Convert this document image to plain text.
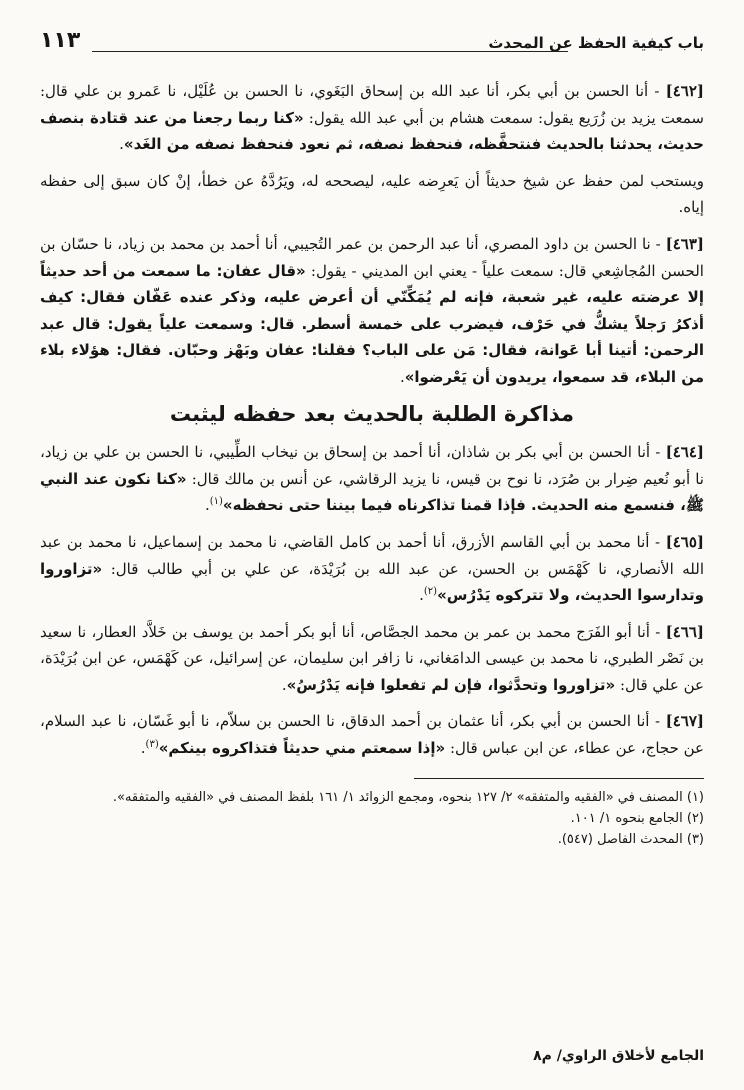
باب كيفية الحفظ عن المحدث
١١٣

[٤٦٢] - أنا الحسن بن أبي بكر، أنا عبد الله بن إسحاق البَغَوي، نا الحسن بن عُلَيْل، نا عَمرو بن علي قال: سمعت يزيد بن زُرَيع يقول: سمعت هشام بن أبي عبد الله يقول: «كنا ربما رجعنا من عند قتادة بنصف حديث، يحدثنا بالحديث فنتحفَّظه، فنحفظ نصفه، ثم نعود فنحفظ نصفه من الغَد».

ويستحب لمن حفظ عن شيخ حديثاً أن يَعرِضه عليه، ليصححه له، ويَرُدَّهُ عن خطأ، إنْ كان سبق إلى حفظه إياه.

[٤٦٣] - نا الحسن بن داود المصري، أنا عبد الرحمن بن عمر التُجيبي، أنا أحمد بن محمد بن زياد، نا حسّان بن الحسن المُجاشِعي قال: سمعت علياً - يعني ابن المديني - يقول: «قال عفان: ما سمعت من أحد حديثاً إلا عرضته عليه، غير شعبة، فإنه لم يُمَكِّنّي أن أعرض عليه، وذكر عنده عَفّان فقال: كيف أذكرُ رَجلاً يشكُّ في حَرْف، فيضرب على خمسة أسطر. قال: وسمعت علياً يقول: قال عبد الرحمن: أتينا أبا عَوانة، فقال: مَن على الباب؟ فقلنا: عفان وبَهْز وحبّان. فقال: هؤلاء بلاء من البلاء، قد سمعوا، يريدون أن يَعْرضوا».

مذاكرة الطلبة بالحديث بعد حفظه ليثبت

[٤٦٤] - أنا الحسن بن أبي بكر بن شاذان، أنا أحمد بن إسحاق بن نيخاب الطِّيبي، نا الحسن بن علي بن زياد، نا أبو نُعيم ضِرار بن صُرَد، نا نوح بن قيس، نا يزيد الرقاشي، عن أنس بن مالك قال: «كنا نكون عند النبي ﷺ، فنسمع منه الحديث. فإذا قمنا تذاكرناه فيما بيننا حتى نحفظه»$^{(١)}$.

[٤٦٥] - أنا محمد بن أبي القاسم الأزرق، أنا أحمد بن كامل القاضي، نا محمد بن إسماعيل، نا محمد بن عبد الله الأنصاري، نا كَهْمَس بن الحسن، عن عبد الله بن بُرَيْدَة، عن علي بن أبي طالب قال: «تزاوروا وتدارسوا الحديث، ولا تتركوه يَدْرُس»$^{(٢)}$.

[٤٦٦] - أنا أبو الفَرَج محمد بن عمر بن محمد الجصَّاص، أنا أبو بكر أحمد بن يوسف بن خَلاَّد العطار، نا سعيد بن نَصْر الطبري، نا محمد بن عيسى الدامَغاني، نا زافر ابن سليمان، عن إسرائيل، عن كَهْمَس، عن ابن بُرَيْدَة، عن علي قال: «تزاوروا وتحدَّثوا، فإن لم تفعلوا فإنه يَدْرُسُ».

[٤٦٧] - أنا الحسن بن أبي بكر، أنا عثمان بن أحمد الدقاق، نا الحسن بن سلاّم، نا أبو غَسّان، نا عبد السلام، عن حجاج، عن عطاء، عن ابن عباس قال: «إذا سمعتم مني حديثاً فتذاكروه بينكم»$^{(٣)}$.

(١) المصنف في «الفقيه والمتفقه» ٢/ ١٢٧ بنحوه، ومجمع الزوائد ١/ ١٦١ بلفظ المصنف في «الفقيه والمتفقه».
(٢) الجامع بنحوه ١/ ١٠١.
(٣) المحدث الفاصل (٥٤٧).
الجامع لأخلاق الراوي/ م٨
